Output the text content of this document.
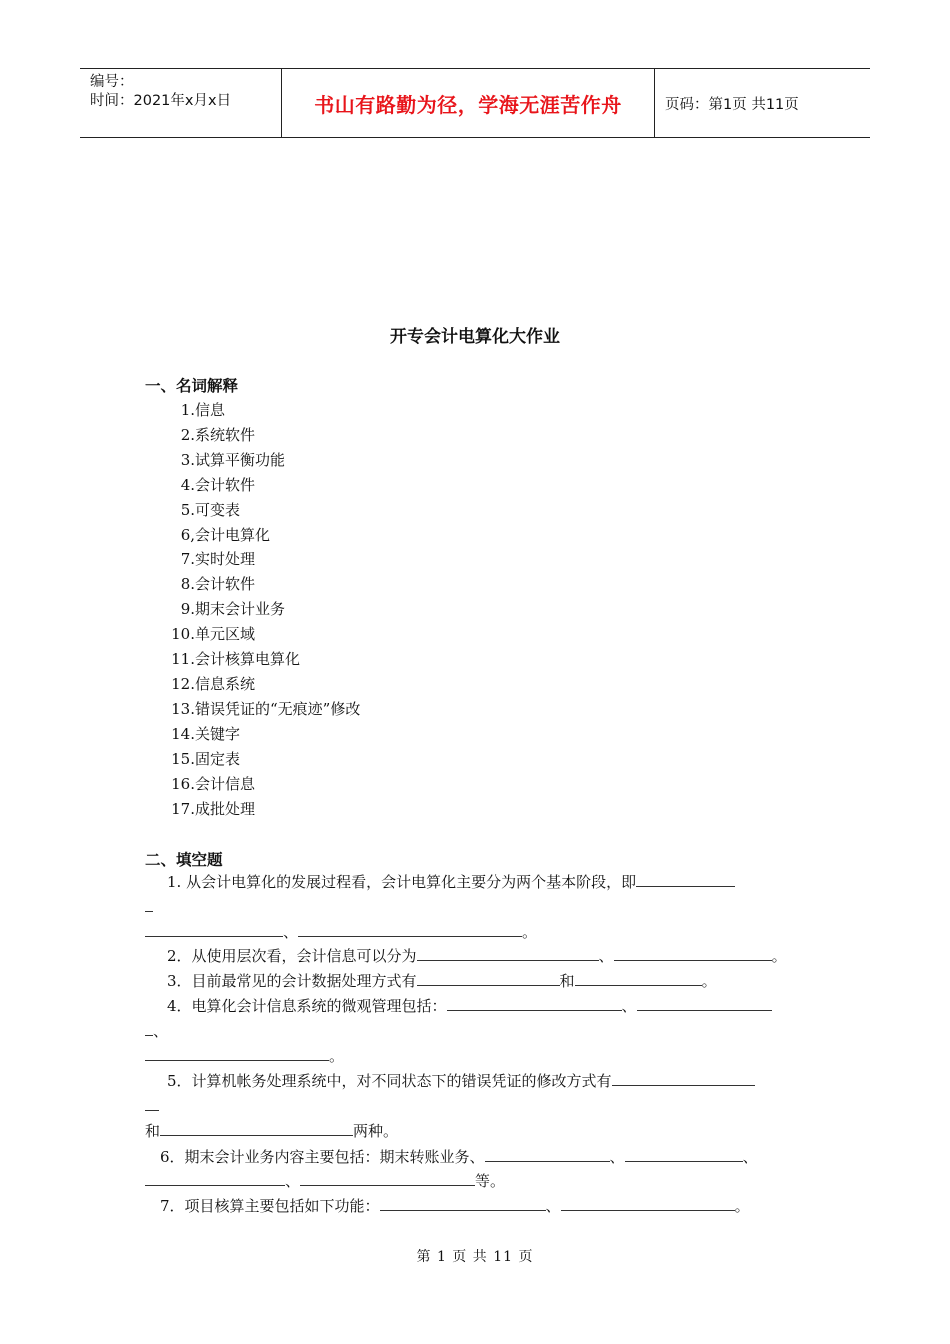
编号：
时间：2021年x月x日	书山有路勤为径，学海无涯苦作舟	页码：第1页 共11页
开专会计电算化大作业
一、名词解释
1. 信息
2. 系统软件
3. 试算平衡功能
4. 会计软件
5. 可变表
6, 会计电算化
7. 实时处理
8. 会计软件
9. 期末会计业务
10. 单元区域
11. 会计核算电算化
12. 信息系统
13. 错误凭证的“无痕迹”修改
14. 关键字
15. 固定表
16. 会计信息
17. 成批处理
二、填空题
1. 从会计电算化的发展过程看，会计电算化主要分为两个基本阶段，即
、	。
2．从使用层次看，会计信息可以分为	、	。
3．目前最常见的会计数据处理方式有	和	。
4．电算化会计信息系统的微观管理包括：	、
、
。
5．计算机帐务处理系统中，对不同状态下的错误凭证的修改方式有
和	两种。
6．期末会计业务内容主要包括：期末转账业务、	、	、
、	等。
7．项目核算主要包括如下功能：	、	。
第 1 页 共 11 页
